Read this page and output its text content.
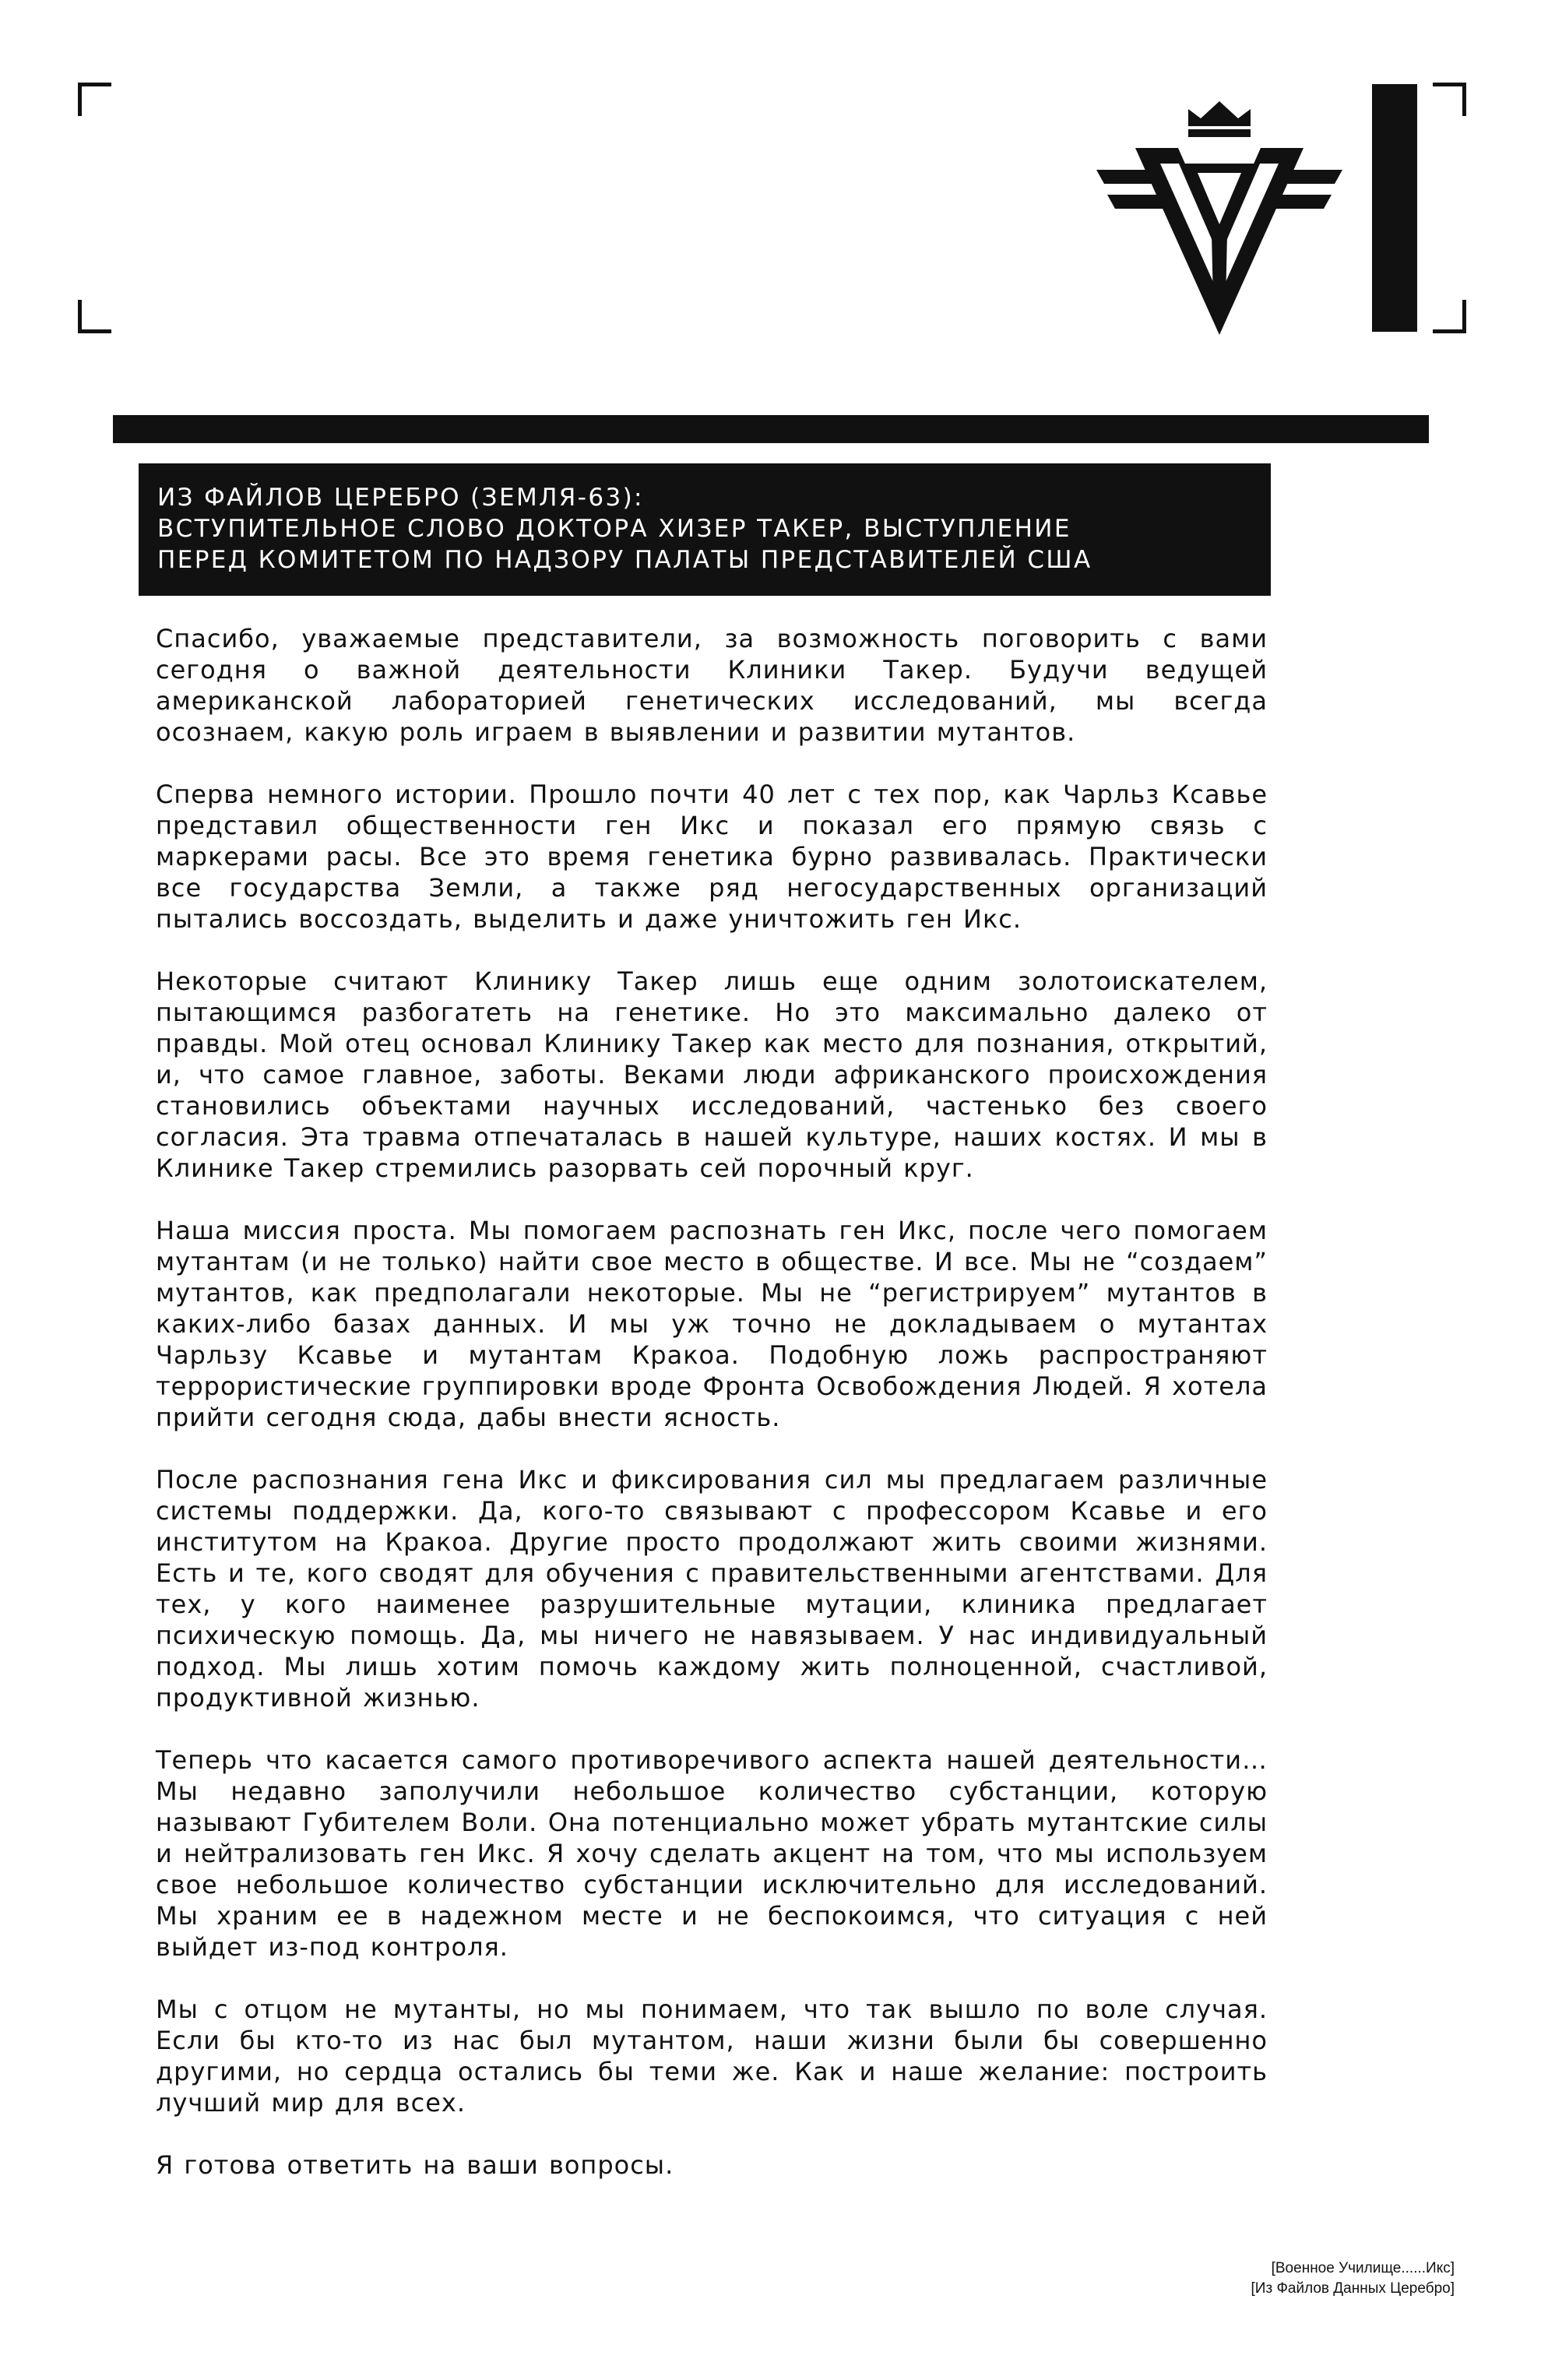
ИЗ ФАЙЛОВ ЦЕРЕБРО (ЗЕМЛЯ-63):
ВСТУПИТЕЛЬНОЕ СЛОВО ДОКТОРА ХИЗЕР ТАКЕР, ВЫСТУПЛЕНИЕ
ПЕРЕД КОМИТЕТОМ ПО НАДЗОРУ ПАЛАТЫ ПРЕДСТАВИТЕЛЕЙ США

Спасибо, уважаемые представители, за возможность поговорить с вами сегодня о важной деятельности Клиники Такер. Будучи ведущей американской лабораторией генетических исследований, мы всегда осознаем, какую роль играем в выявлении и развитии мутантов.

Сперва немного истории. Прошло почти 40 лет с тех пор, как Чарльз Ксавье представил общественности ген Икс и показал его прямую связь с маркерами расы. Все это время генетика бурно развивалась. Практически все государства Земли, а также ряд негосударственных организаций пытались воссоздать, выделить и даже уничтожить ген Икс.

Некоторые считают Клинику Такер лишь еще одним золотоискателем, пытающимся разбогатеть на генетике. Но это максимально далеко от правды. Мой отец основал Клинику Такер как место для познания, открытий, и, что самое главное, заботы. Веками люди африканского происхождения становились объектами научных исследований, частенько без своего согласия. Эта травма отпечаталась в нашей культуре, наших костях. И мы в Клинике Такер стремились разорвать сей порочный круг.

Наша миссия проста. Мы помогаем распознать ген Икс, после чего помогаем мутантам (и не только) найти свое место в обществе. И все. Мы не “создаем” мутантов, как предполагали некоторые. Мы не “регистрируем” мутантов в каких-либо базах данных. И мы уж точно не докладываем о мутантах Чарльзу Ксавье и мутантам Кракоа. Подобную ложь распространяют террористические группировки вроде Фронта Освобождения Людей. Я хотела прийти сегодня сюда, дабы внести ясность.

После распознания гена Икс и фиксирования сил мы предлагаем различные системы поддержки. Да, кого-то связывают с профессором Ксавье и его институтом на Кракоа. Другие просто продолжают жить своими жизнями. Есть и те, кого сводят для обучения с правительственными агентствами. Для тех, у кого наименее разрушительные мутации, клиника предлагает психическую помощь. Да, мы ничего не навязываем. У нас индивидуальный подход. Мы лишь хотим помочь каждому жить полноценной, счастливой, продуктивной жизнью.

Теперь что касается самого противоречивого аспекта нашей деятельности… Мы недавно заполучили небольшое количество субстанции, которую называют Губителем Воли. Она потенциально может убрать мутантские силы и нейтрализовать ген Икс. Я хочу сделать акцент на том, что мы используем свое небольшое количество субстанции исключительно для исследований. Мы храним ее в надежном месте и не беспокоимся, что ситуация с ней выйдет из-под контроля.

Мы с отцом не мутанты, но мы понимаем, что так вышло по воле случая. Если бы кто-то из нас был мутантом, наши жизни были бы совершенно другими, но сердца остались бы теми же. Как и наше желание: построить лучший мир для всех.

Я готова ответить на ваши вопросы.

[Военное Училище......Икс]
[Из Файлов Данных Церебро]
